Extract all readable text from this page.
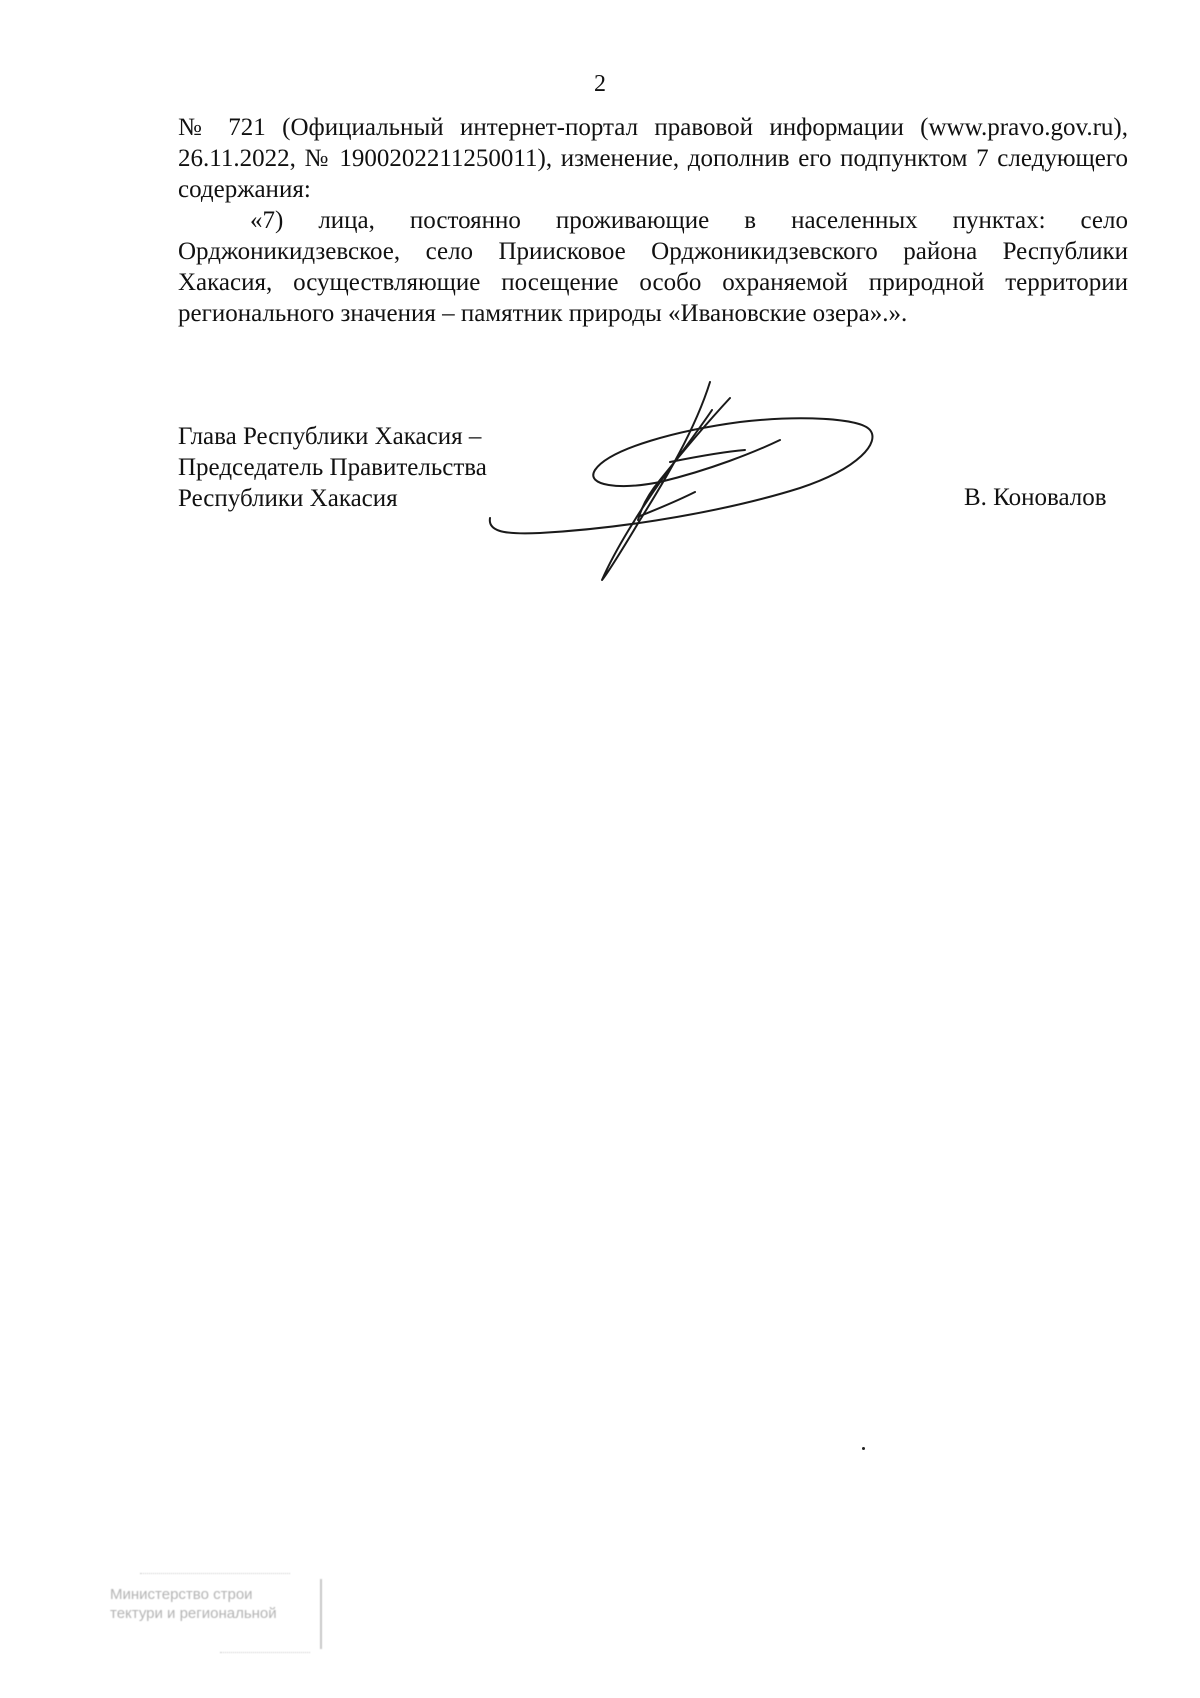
2

№ 721 (Официальный интернет-портал правовой информации (www.pravo.gov.ru), 26.11.2022, № 1900202211250011), изменение, дополнив его подпунктом 7 следующего содержания:

«7) лица, постоянно проживающие в населенных пунктах: село Орджоникидзевское, село Приисковое Орджоникидзевского района Республики Хакасия, осуществляющие посещение особо охраняемой природной территории регионального значения – памятник природы «Ивановские озера».».

Глава Республики Хакасия –
Председатель Правительства
Республики Хакасия	В. Коновалов
Министерство строи
тектури и региональной
